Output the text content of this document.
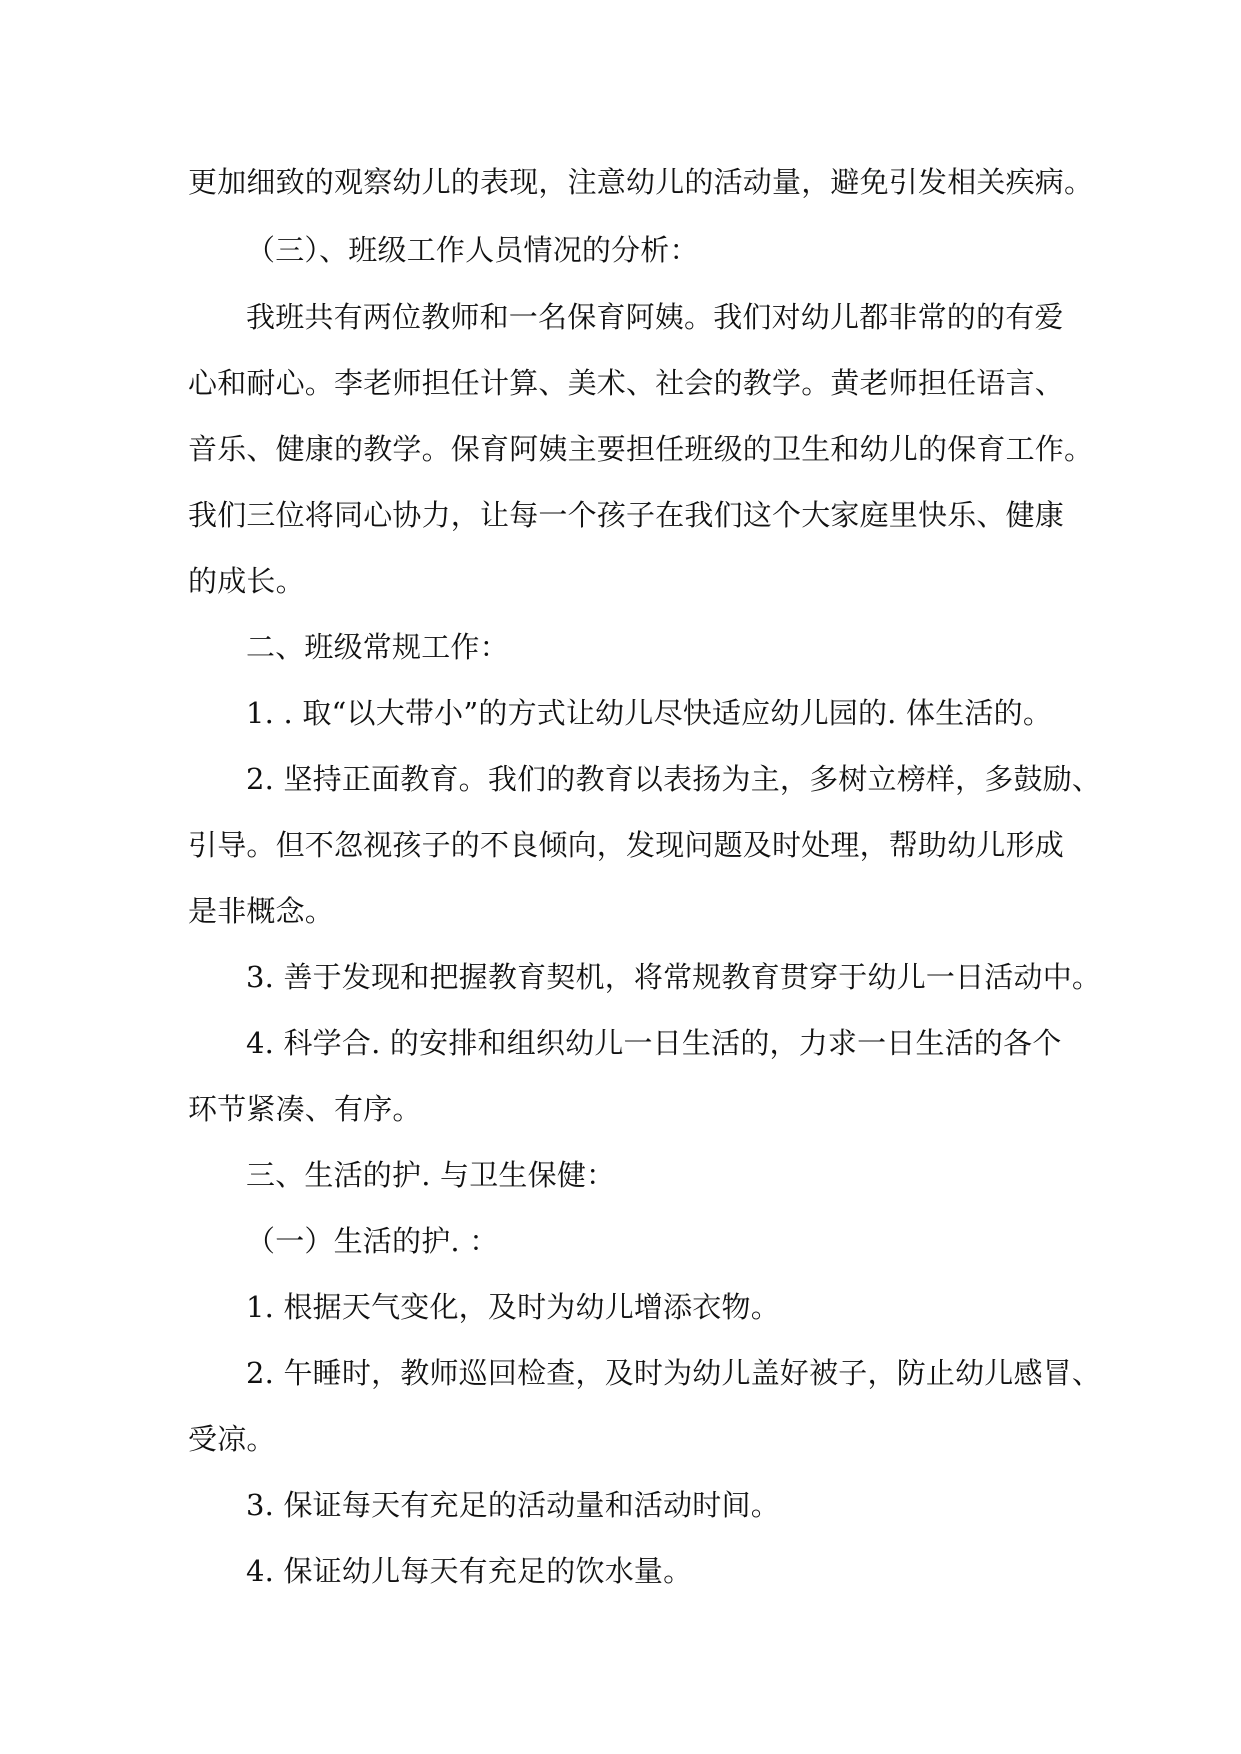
更加细致的观察幼儿的表现，注意幼儿的活动量，避免引发相关疾病。
（三）、班级工作人员情况的分析：
我班共有两位教师和一名保育阿姨。我们对幼儿都非常的的有爱
心和耐心。李老师担任计算、美术、社会的教学。黄老师担任语言、
音乐、健康的教学。保育阿姨主要担任班级的卫生和幼儿的保育工作。
我们三位将同心协力，让每一个孩子在我们这个大家庭里快乐、健康
的成长。
二、班级常规工作：
1. . 取“以大带小”的方式让幼儿尽快适应幼儿园的. 体生活的。
2. 坚持正面教育。我们的教育以表扬为主，多树立榜样，多鼓励、
引导。但不忽视孩子的不良倾向，发现问题及时处理，帮助幼儿形成
是非概念。
3. 善于发现和把握教育契机，将常规教育贯穿于幼儿一日活动中。
4. 科学合. 的安排和组织幼儿一日生活的，力求一日生活的各个
环节紧凑、有序。
三、生活的护. 与卫生保健：
（一）生活的护. ：
1. 根据天气变化，及时为幼儿增添衣物。
2. 午睡时，教师巡回检查，及时为幼儿盖好被子，防止幼儿感冒、
受凉。
3. 保证每天有充足的活动量和活动时间。
4. 保证幼儿每天有充足的饮水量。
